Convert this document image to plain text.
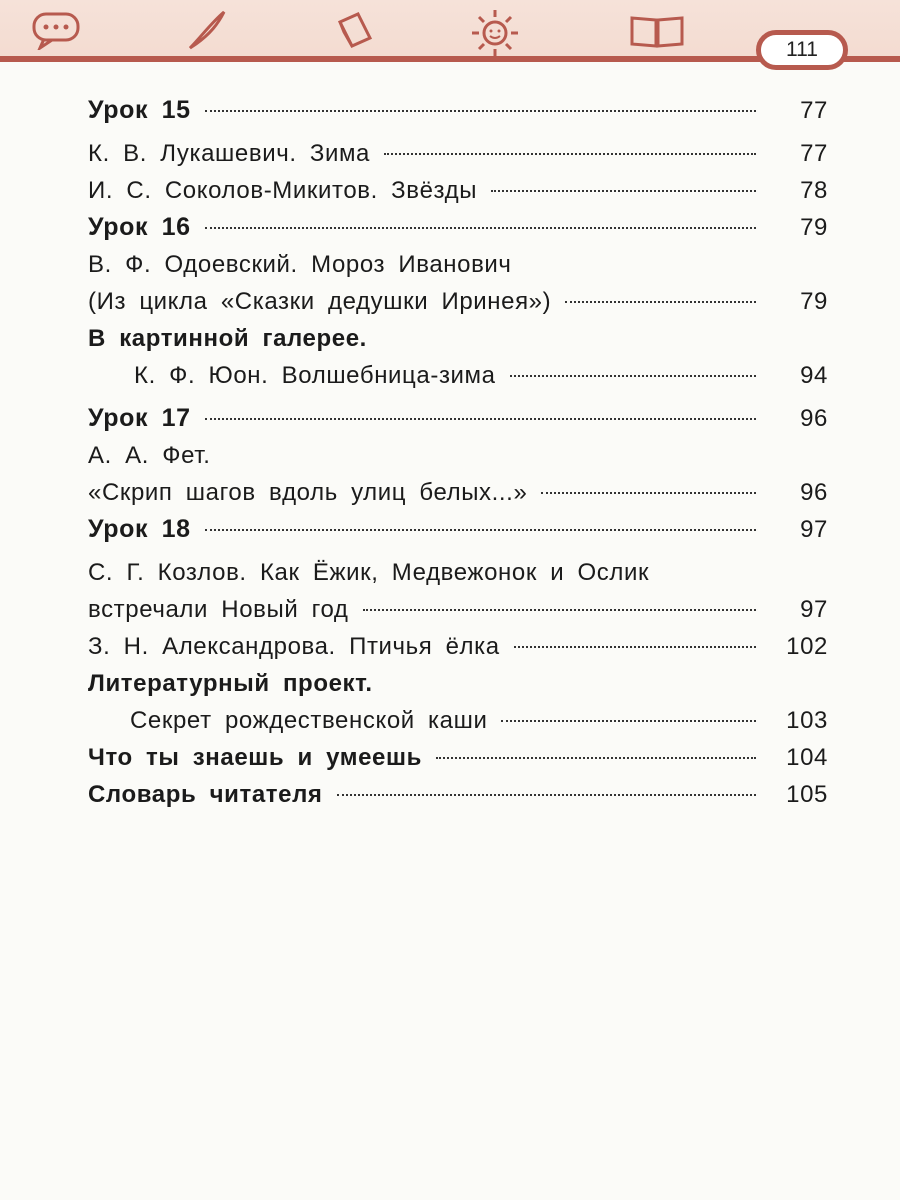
111
Урок 15	77
К. В. Лукашевич. Зима	77
И. С. Соколов-Микитов. Звёзды	78
Урок 16	79
В. Ф. Одоевский. Мороз Иванович
(Из цикла «Сказки дедушки Иринея»)	79
В картинной галерее.
К. Ф. Юон. Волшебница-зима	94
Урок 17	96
А. А. Фет.
«Скрип шагов вдоль улиц белых...»	96
Урок 18	97
С. Г. Козлов. Как Ёжик, Медвежонок и Ослик
встречали Новый год	97
З. Н. Александрова. Птичья ёлка	102
Литературный проект.
Секрет рождественской каши	103
Что ты знаешь и умеешь	104
Словарь читателя	105
